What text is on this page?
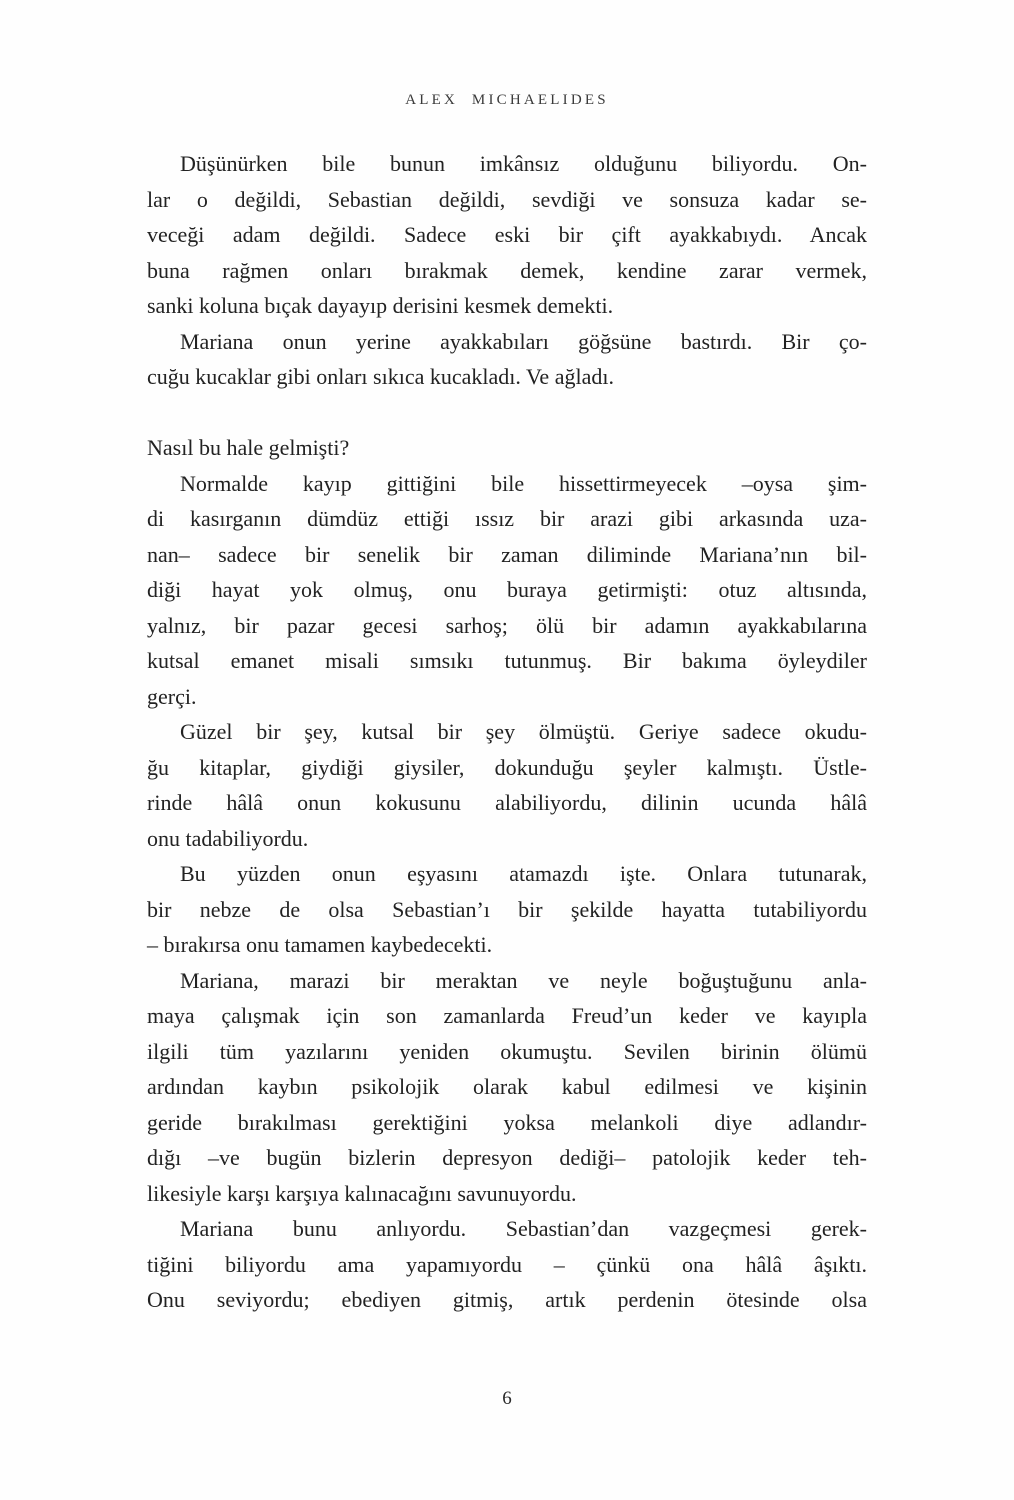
ALEX MICHAELIDES
Düşünürken bile bunun imkânsız olduğunu biliyordu. On-
lar o değildi, Sebastian değildi, sevdiği ve sonsuza kadar se-
veceği adam değildi. Sadece eski bir çift ayakkabıydı. Ancak
buna rağmen onları bırakmak demek, kendine zarar vermek,
sanki koluna bıçak dayayıp derisini kesmek demekti.
Mariana onun yerine ayakkabıları göğsüne bastırdı. Bir ço-
cuğu kucaklar gibi onları sıkıca kucakladı. Ve ağladı.
Nasıl bu hale gelmişti?
Normalde kayıp gittiğini bile hissettirmeyecek –oysa şim-
di kasırganın dümdüz ettiği ıssız bir arazi gibi arkasında uza-
nan– sadece bir senelik bir zaman diliminde Mariana’nın bil-
diği hayat yok olmuş, onu buraya getirmişti: otuz altısında,
yalnız, bir pazar gecesi sarhoş; ölü bir adamın ayakkabılarına
kutsal emanet misali sımsıkı tutunmuş. Bir bakıma öyleydiler
gerçi.
Güzel bir şey, kutsal bir şey ölmüştü. Geriye sadece okudu-
ğu kitaplar, giydiği giysiler, dokunduğu şeyler kalmıştı. Üstle-
rinde hâlâ onun kokusunu alabiliyordu, dilinin ucunda hâlâ
onu tadabiliyordu.
Bu yüzden onun eşyasını atamazdı işte. Onlara tutunarak,
bir nebze de olsa Sebastian’ı bir şekilde hayatta tutabiliyordu
– bırakırsa onu tamamen kaybedecekti.
Mariana, marazi bir meraktan ve neyle boğuştuğunu anla-
maya çalışmak için son zamanlarda Freud’un keder ve kayıpla
ilgili tüm yazılarını yeniden okumuştu. Sevilen birinin ölümü
ardından kaybın psikolojik olarak kabul edilmesi ve kişinin
geride bırakılması gerektiğini yoksa melankoli diye adlandır-
dığı –ve bugün bizlerin depresyon dediği– patolojik keder teh-
likesiyle karşı karşıya kalınacağını savunuyordu.
Mariana bunu anlıyordu. Sebastian’dan vazgeçmesi gerek-
tiğini biliyordu ama yapamıyordu – çünkü ona hâlâ âşıktı.
Onu seviyordu; ebediyen gitmiş, artık perdenin ötesinde olsa
6
